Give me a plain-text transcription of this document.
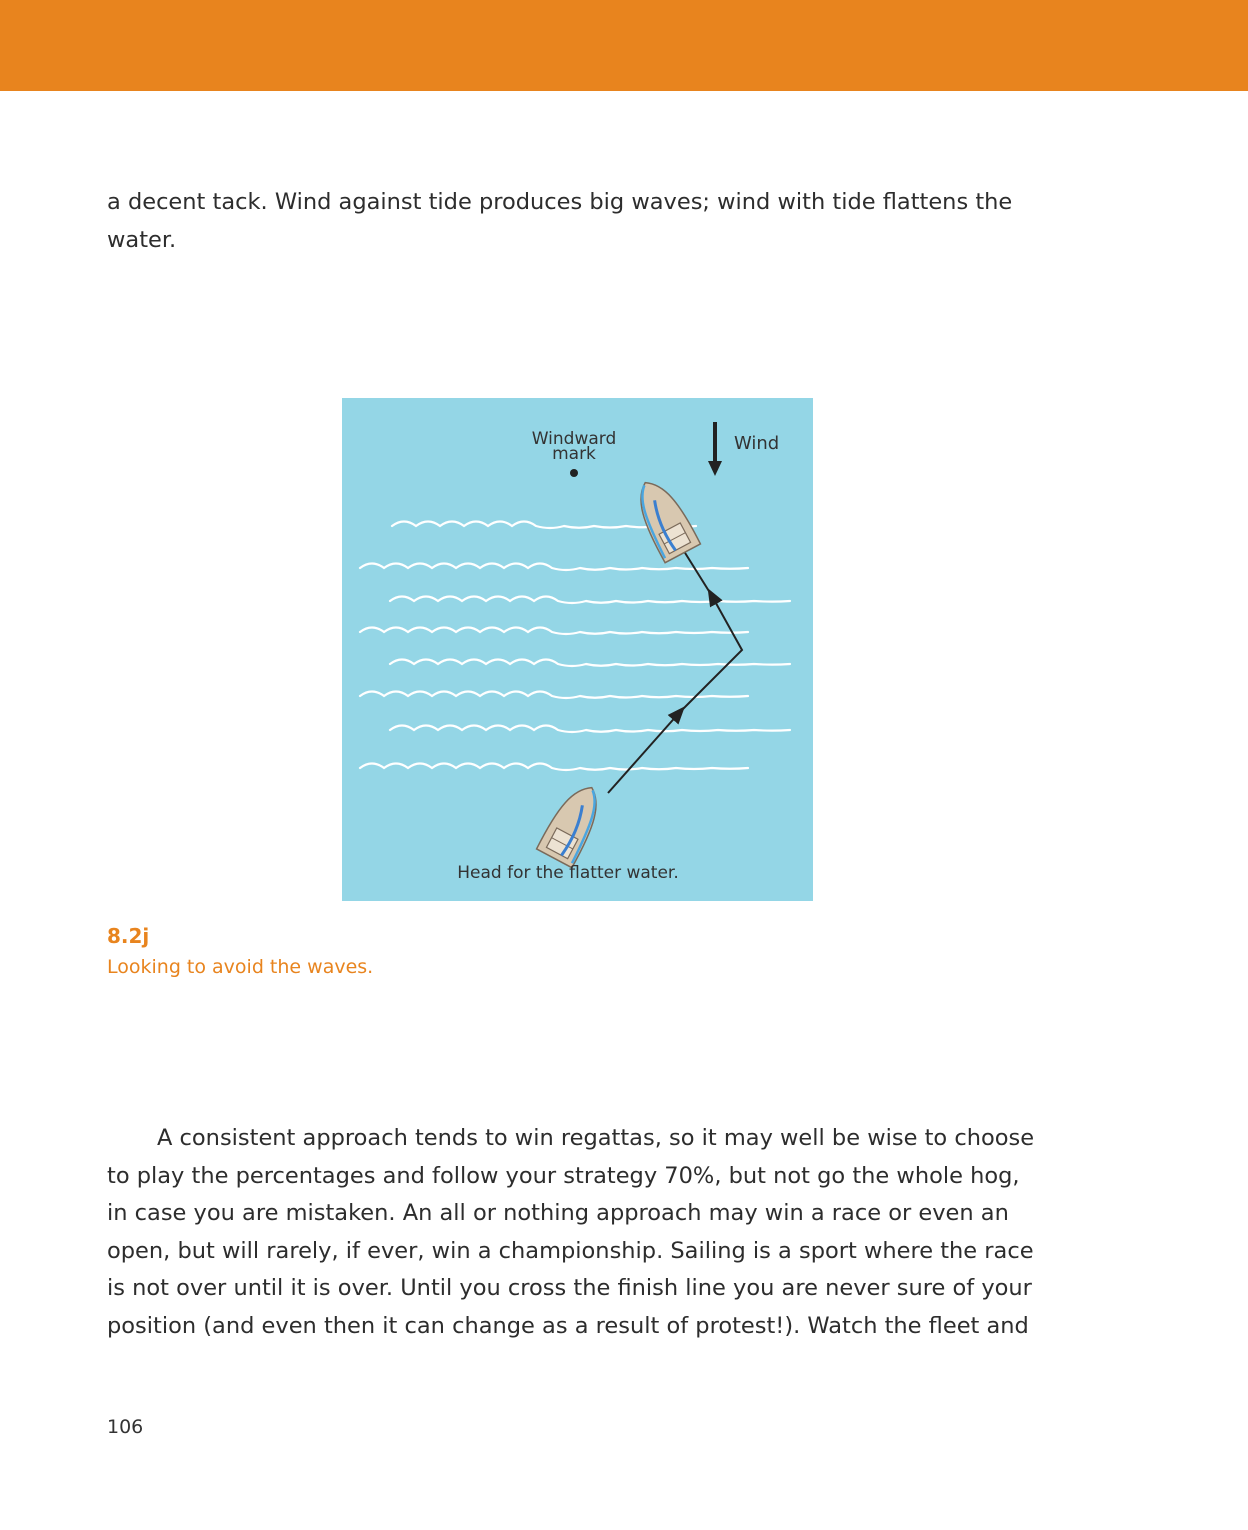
a decent tack. Wind against tide produces big waves; wind with tide flattens the water.

Windward
mark	Wind
Head for the flatter water.
8.2j
Looking to avoid the waves.

A consistent approach tends to win regattas, so it may well be wise to choose to play the percentages and follow your strategy 70%, but not go the whole hog, in case you are mistaken. An all or nothing approach may win a race or even an open, but will rarely, if ever, win a championship. Sailing is a sport where the race is not over until it is over. Until you cross the finish line you are never sure of your position (and even then it can change as a result of protest!). Watch the fleet and

106
